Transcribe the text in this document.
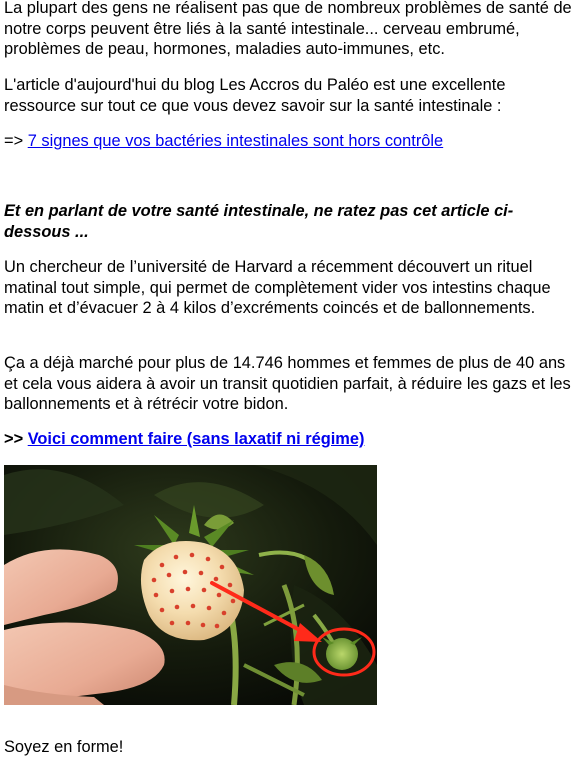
La plupart des gens ne réalisent pas que de nombreux problèmes de santé de notre corps peuvent être liés à la santé intestinale... cerveau embrumé, problèmes de peau, hormones, maladies auto-immunes, etc.

L'article d'aujourd'hui du blog Les Accros du Paléo est une excellente ressource sur tout ce que vous devez savoir sur la santé intestinale :

=> 7 signes que vos bactéries intestinales sont hors contrôle

Et en parlant de votre santé intestinale, ne ratez pas cet article ci-dessous ...

Un chercheur de l’université de Harvard a récemment découvert un rituel matinal tout simple, qui permet de complètement vider vos intestins chaque matin et d’évacuer 2 à 4 kilos d’excréments coincés et de ballonnements.

Ça a déjà marché pour plus de 14.746 hommes et femmes de plus de 40 ans et cela vous aidera à avoir un transit quotidien parfait, à réduire les gazs et les ballonnements et à rétrécir votre bidon.

>> Voici comment faire (sans laxatif ni régime)

Soyez en forme!
